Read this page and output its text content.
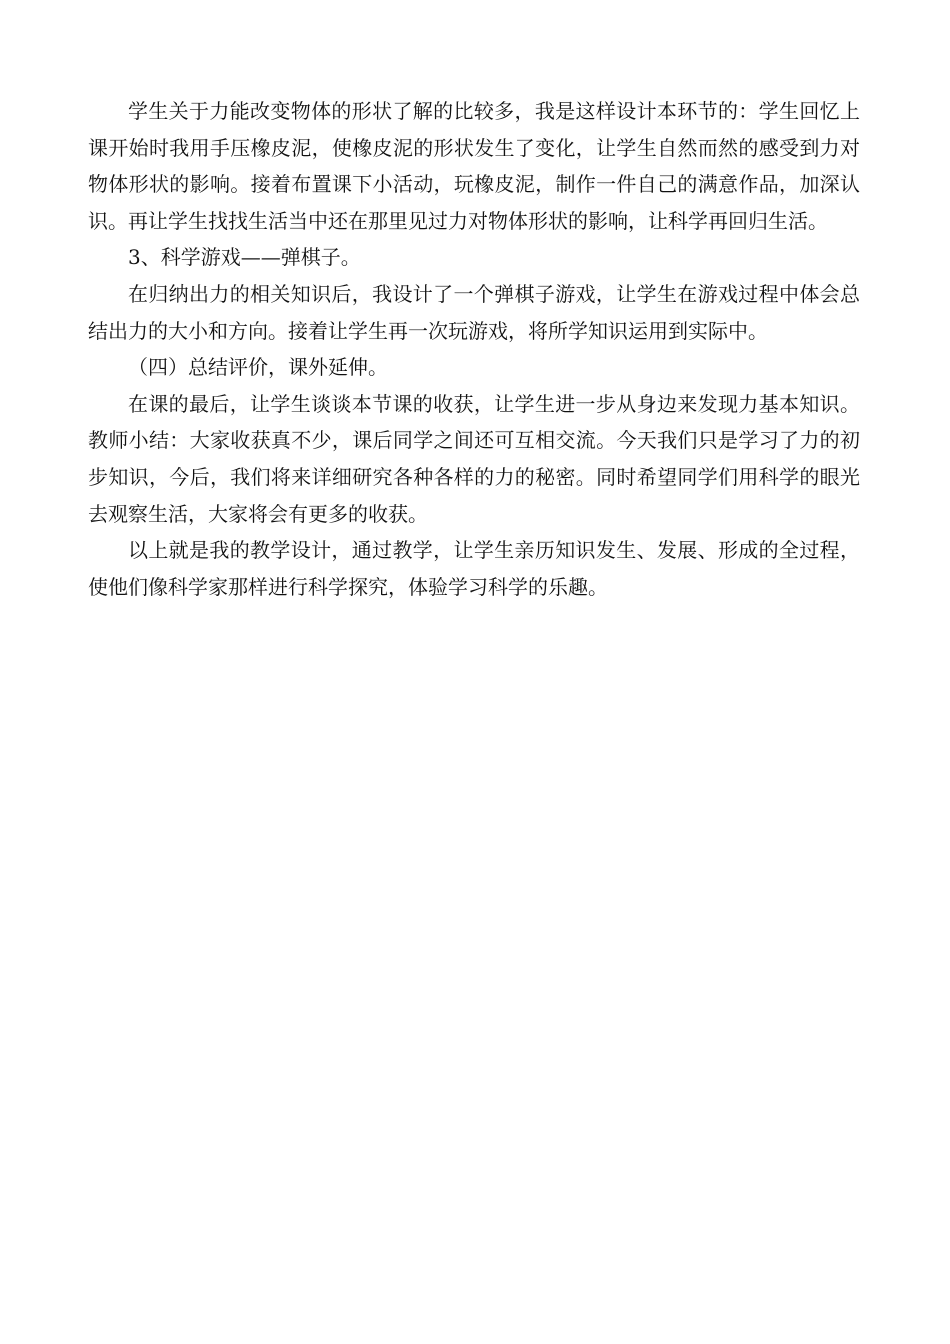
学生关于力能改变物体的形状了解的比较多，我是这样设计本环节的：学生回忆上课开始时我用手压橡皮泥，使橡皮泥的形状发生了变化，让学生自然而然的感受到力对物体形状的影响。接着布置课下小活动，玩橡皮泥，制作一件自己的满意作品，加深认识。再让学生找找生活当中还在那里见过力对物体形状的影响，让科学再回归生活。

3、科学游戏——弹棋子。

在归纳出力的相关知识后，我设计了一个弹棋子游戏，让学生在游戏过程中体会总结出力的大小和方向。接着让学生再一次玩游戏，将所学知识运用到实际中。

（四）总结评价，课外延伸。

在课的最后，让学生谈谈本节课的收获，让学生进一步从身边来发现力基本知识。教师小结：大家收获真不少，课后同学之间还可互相交流。今天我们只是学习了力的初步知识，今后，我们将来详细研究各种各样的力的秘密。同时希望同学们用科学的眼光去观察生活，大家将会有更多的收获。

以上就是我的教学设计，通过教学，让学生亲历知识发生、发展、形成的全过程，使他们像科学家那样进行科学探究，体验学习科学的乐趣。
